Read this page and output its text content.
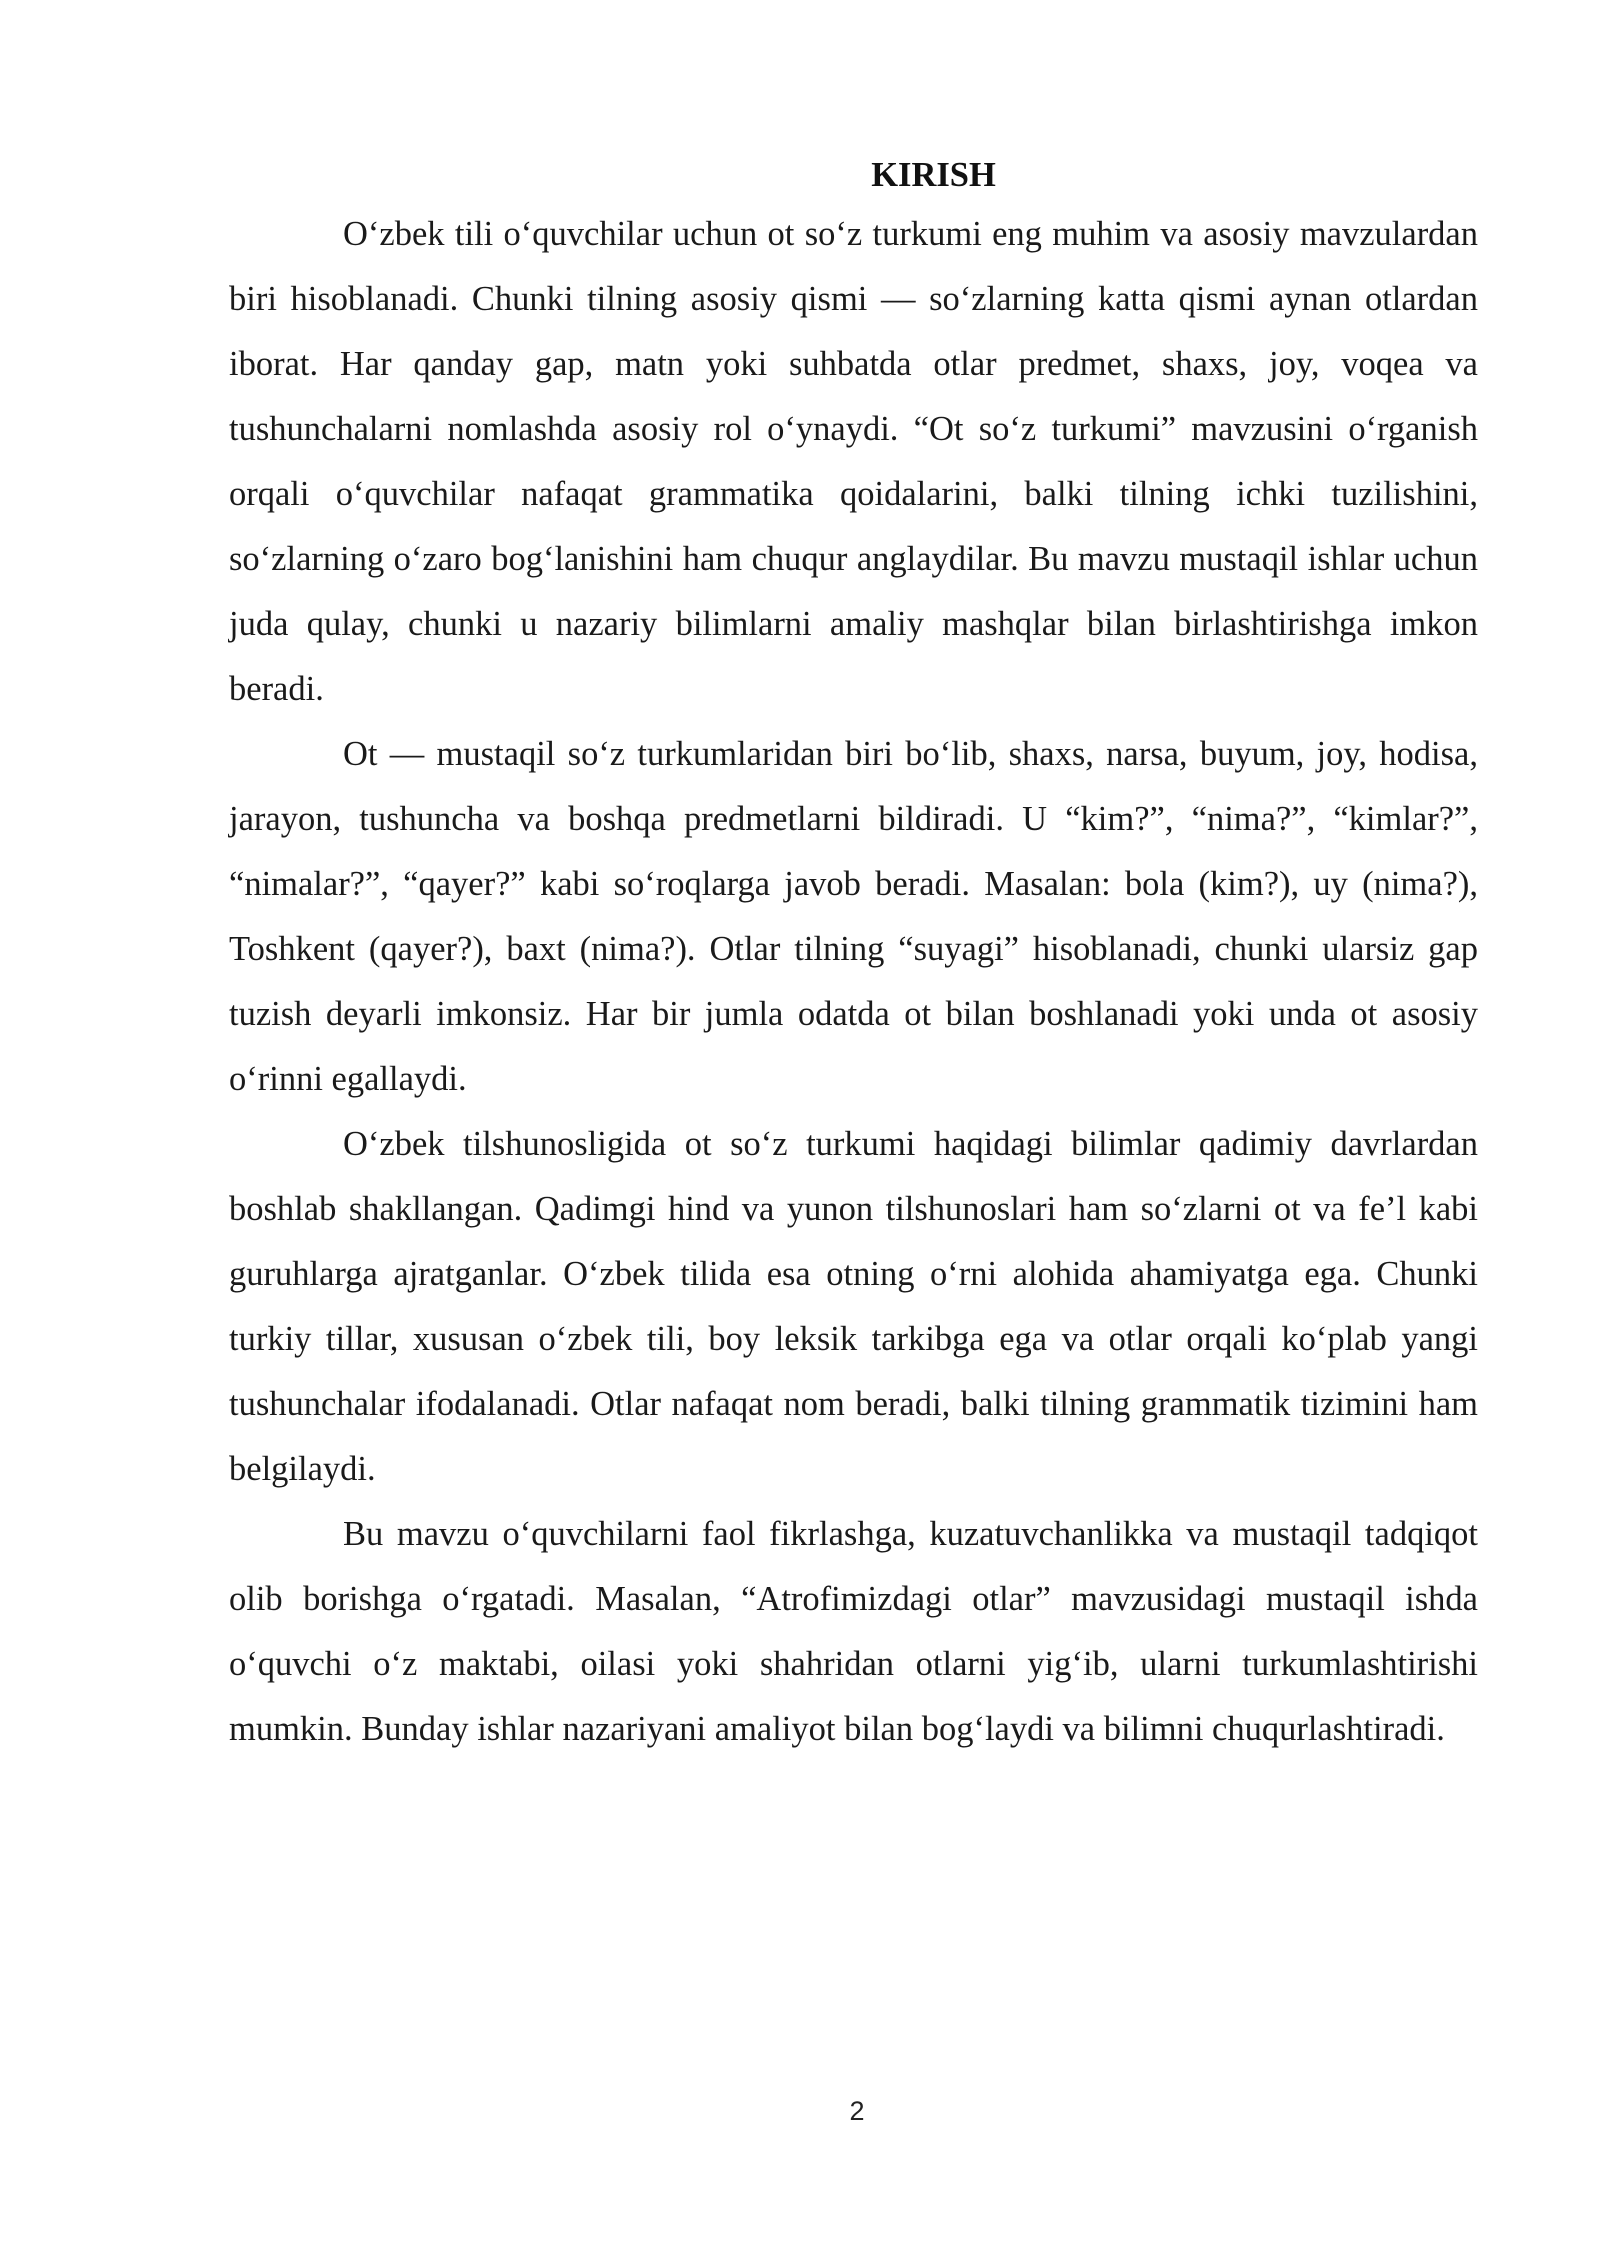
KIRISH

O‘zbek tili o‘quvchilar uchun ot so‘z turkumi eng muhim va asosiy mavzulardan biri hisoblanadi. Chunki tilning asosiy qismi — so‘zlarning katta qismi aynan otlardan iborat. Har qanday gap, matn yoki suhbatda otlar predmet, shaxs, joy, voqea va tushunchalarni nomlashda asosiy rol o‘ynaydi. “Ot so‘z turkumi” mavzusini o‘rganish orqali o‘quvchilar nafaqat grammatika qoidalarini, balki tilning ichki tuzilishini, so‘zlarning o‘zaro bog‘lanishini ham chuqur anglaydilar. Bu mavzu mustaqil ishlar uchun juda qulay, chunki u nazariy bilimlarni amaliy mashqlar bilan birlashtirishga imkon beradi.

Ot — mustaqil so‘z turkumlaridan biri bo‘lib, shaxs, narsa, buyum, joy, hodisa, jarayon, tushuncha va boshqa predmetlarni bildiradi. U “kim?”, “nima?”, “kimlar?”, “nimalar?”, “qayer?” kabi so‘roqlarga javob beradi. Masalan: bola (kim?), uy (nima?), Toshkent (qayer?), baxt (nima?). Otlar tilning “suyagi” hisoblanadi, chunki ularsiz gap tuzish deyarli imkonsiz. Har bir jumla odatda ot bilan boshlanadi yoki unda ot asosiy o‘rinni egallaydi.

O‘zbek tilshunosligida ot so‘z turkumi haqidagi bilimlar qadimiy davrlardan boshlab shakllangan. Qadimgi hind va yunon tilshunoslari ham so‘zlarni ot va fe’l kabi guruhlarga ajratganlar. O‘zbek tilida esa otning o‘rni alohida ahamiyatga ega. Chunki turkiy tillar, xususan o‘zbek tili, boy leksik tarkibga ega va otlar orqali ko‘plab yangi tushunchalar ifodalanadi. Otlar nafaqat nom beradi, balki tilning grammatik tizimini ham belgilaydi.

Bu mavzu o‘quvchilarni faol fikrlashga, kuzatuvchanlikka va mustaqil tadqiqot olib borishga o‘rgatadi. Masalan, “Atrofimizdagi otlar” mavzusidagi mustaqil ishda o‘quvchi o‘z maktabi, oilasi yoki shahridan otlarni yig‘ib, ularni turkumlashtirishi mumkin. Bunday ishlar nazariyani amaliyot bilan bog‘laydi va bilimni chuqurlashtiradi.

2
